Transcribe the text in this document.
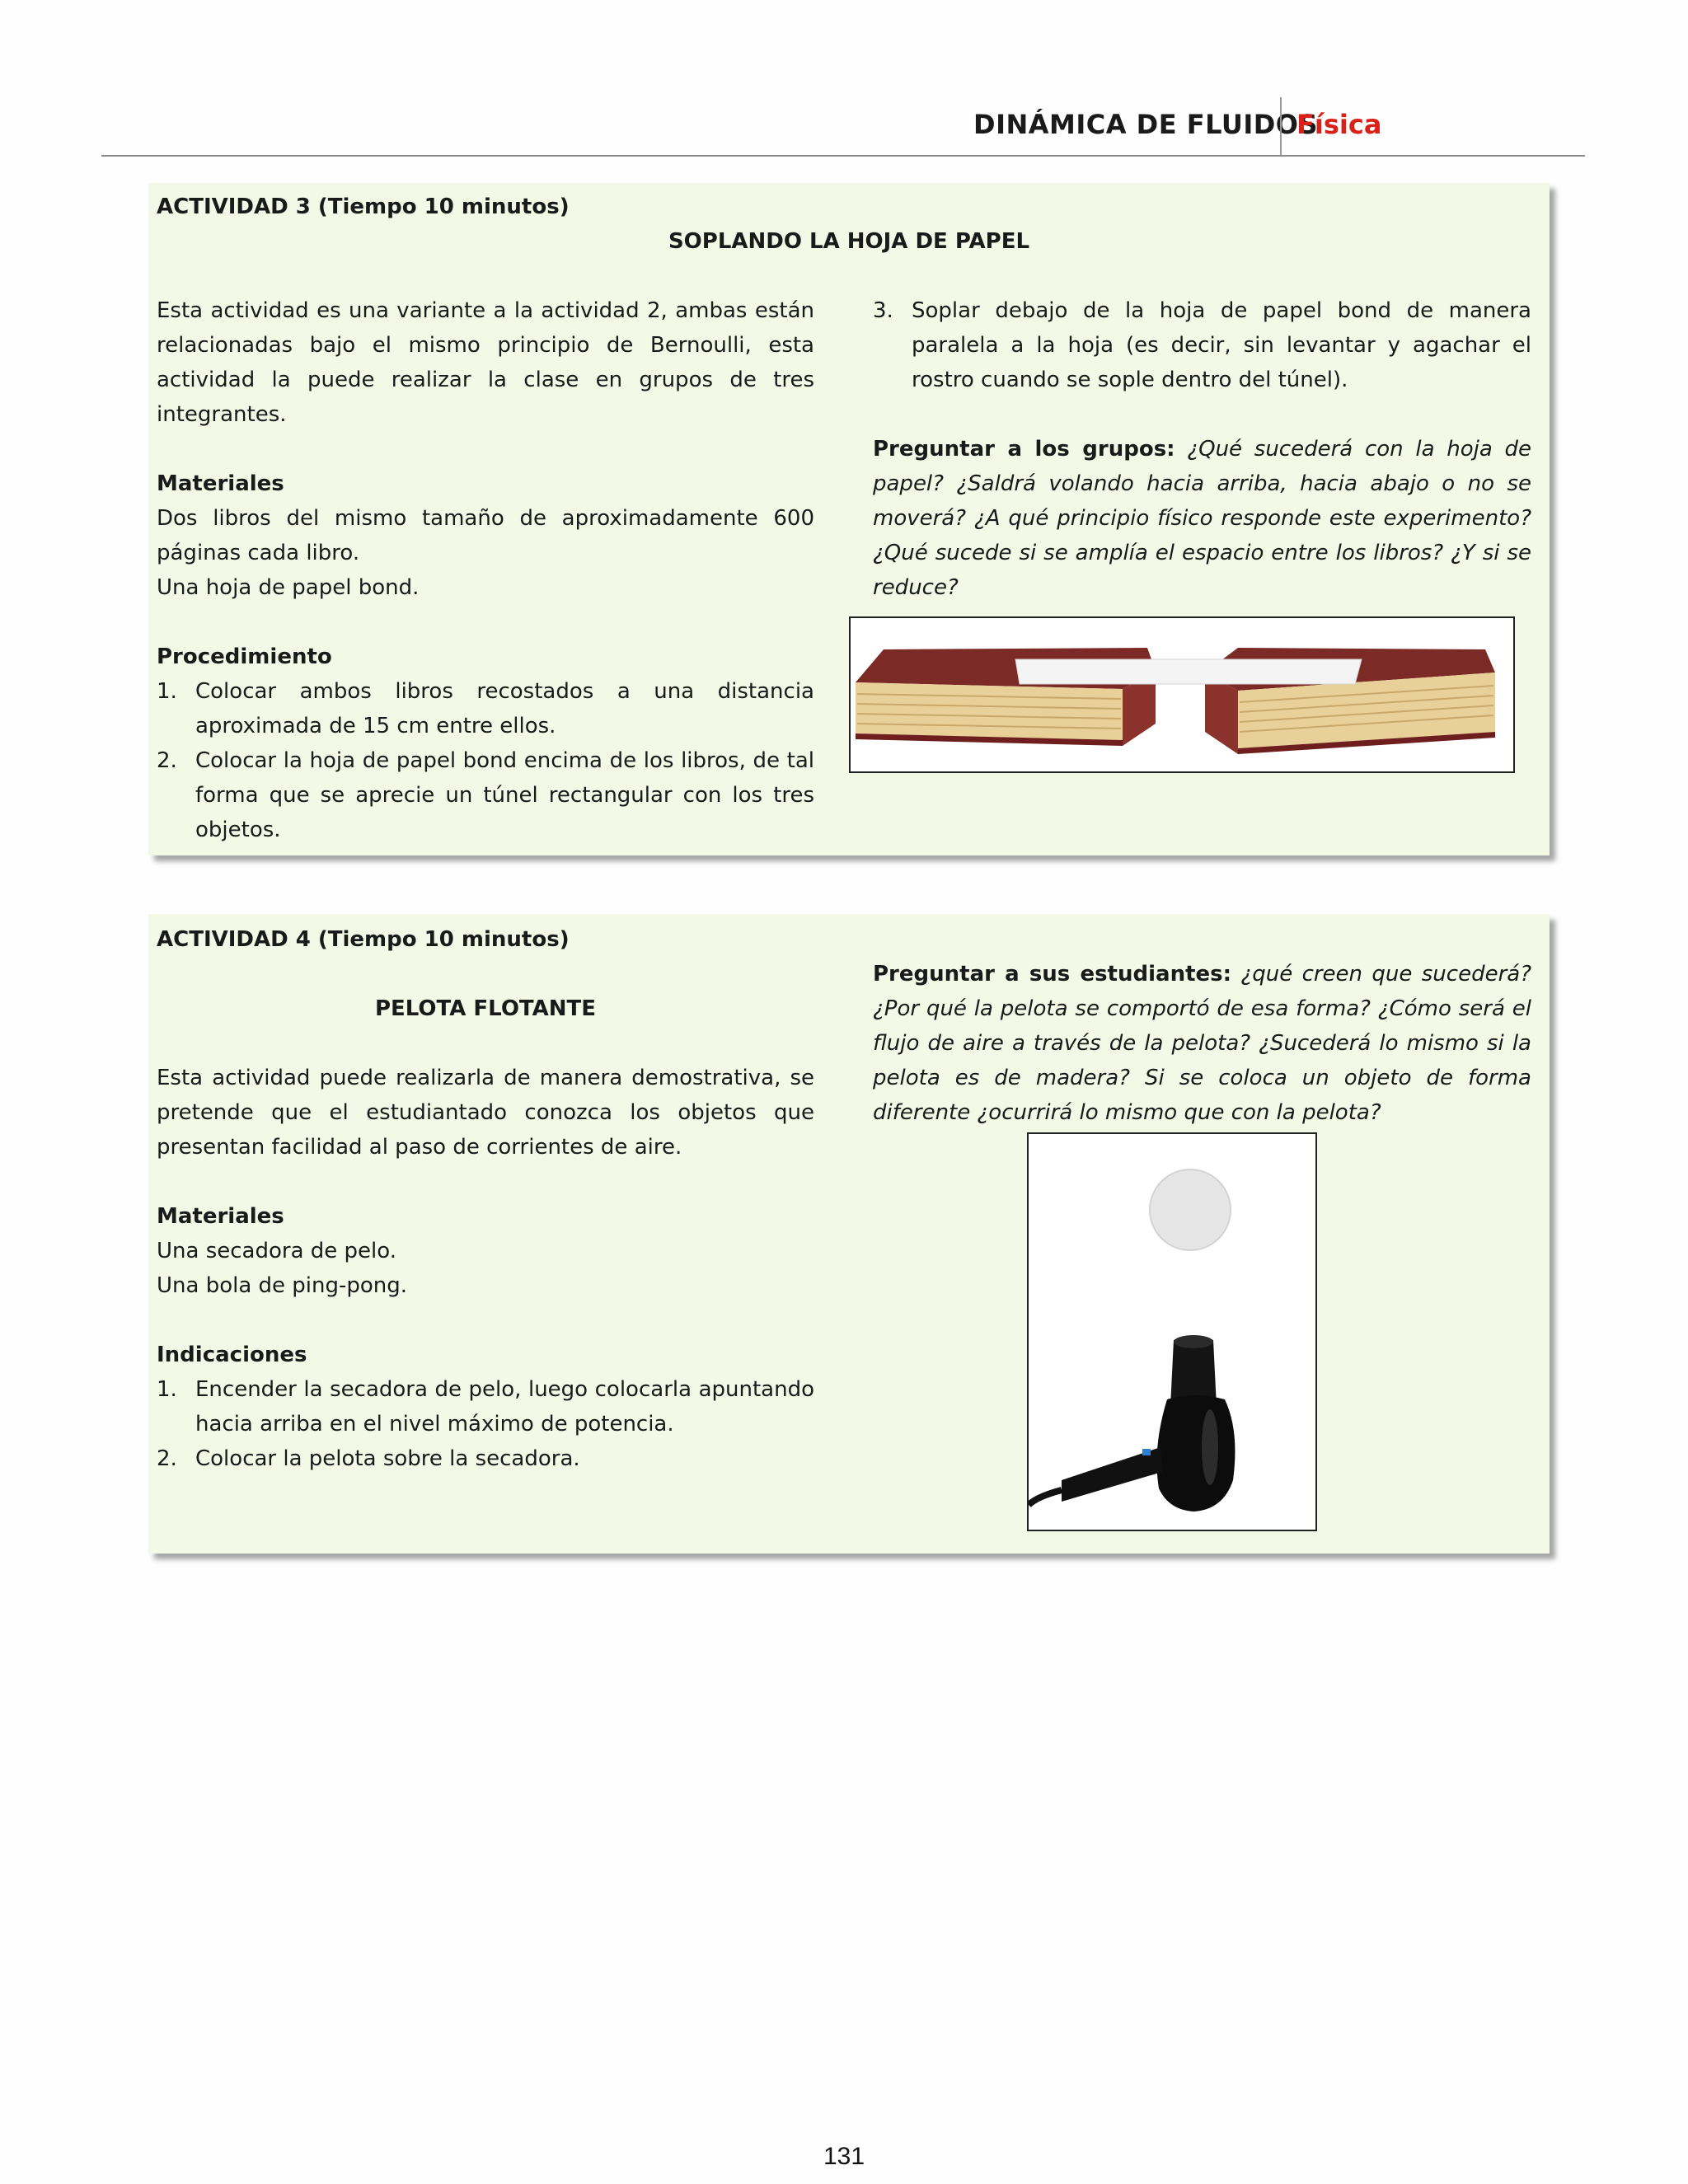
DINÁMICA DE FLUIDOS
Física
ACTIVIDAD 3 (Tiempo 10 minutos)
SOPLANDO LA HOJA DE PAPEL
Esta actividad es una variante a la actividad 2, ambas están relacionadas bajo el mismo principio de Bernoulli, esta actividad la puede realizar la clase en grupos de tres integrantes.
Materiales
Dos libros del mismo tamaño de aproximadamente 600 páginas cada libro.
Una hoja de papel bond.
Procedimiento
1. Colocar ambos libros recostados a una distancia aproximada de 15 cm entre ellos.
2. Colocar la hoja de papel bond encima de los libros, de tal forma que se aprecie un túnel rectangular con los tres objetos.
3. Soplar debajo de la hoja de papel bond de manera paralela a la hoja (es decir, sin levantar y agachar el rostro cuando se sople dentro del túnel).
Preguntar a los grupos: ¿Qué sucederá con la hoja de papel? ¿Saldrá volando hacia arriba, hacia abajo o no se moverá? ¿A qué principio físico responde este experimento? ¿Qué sucede si se amplía el espacio entre los libros? ¿Y si se reduce?
ACTIVIDAD 4 (Tiempo 10 minutos)
PELOTA FLOTANTE
Esta actividad puede realizarla de manera demostrativa, se pretende que el estudiantado conozca los objetos que presentan facilidad al paso de corrientes de aire.
Materiales
Una secadora de pelo.
Una bola de ping-pong.
Indicaciones
1. Encender la secadora de pelo, luego colocarla apuntando hacia arriba en el nivel máximo de potencia.
2. Colocar la pelota sobre la secadora.
Preguntar a sus estudiantes: ¿qué creen que sucederá? ¿Por qué la pelota se comportó de esa forma? ¿Cómo será el flujo de aire a través de la pelota? ¿Sucederá lo mismo si la pelota es de madera? Si se coloca un objeto de forma diferente ¿ocurrirá lo mismo que con la pelota?
131
